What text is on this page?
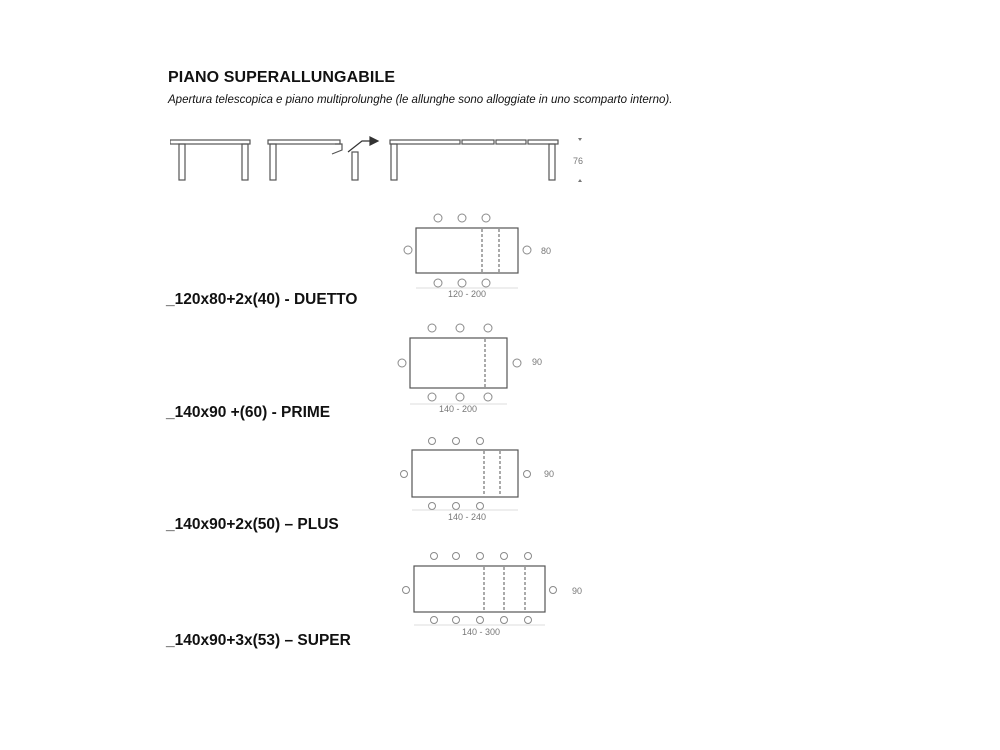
PIANO SUPERALLUNGABILE
Apertura telescopica e piano multiprolunghe (le allunghe sono alloggiate in uno scomparto interno).
76
120 - 200
80
_120x80+2x(40) - DUETTO
140 - 200
90
_140x90 +(60) - PRIME
140 - 240
90
_140x90+2x(50) – PLUS
140 - 300
90
_140x90+3x(53) – SUPER
